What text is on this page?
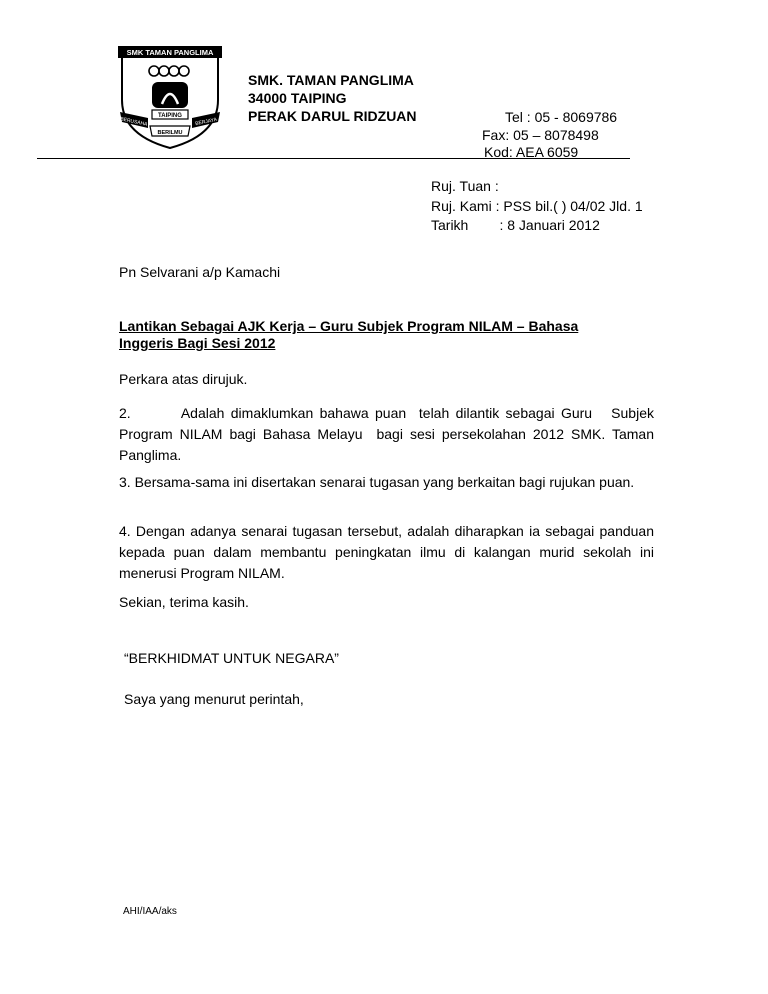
SMK TAMAN PANGLIMA
TAIPING
BERUSAHA	BERJAYA
BERILMU
SMK. TAMAN PANGLIMA
34000 TAIPING
PERAK DARUL RIDZUAN	Tel : 05 - 8069786
Fax: 05 – 8078498
Kod: AEA 6059
Ruj. Tuan :
Ruj. Kami : PSS bil.( ) 04/02 Jld. 1
Tarikh        : 8 Januari 2012
Pn Selvarani a/p Kamachi
Lantikan Sebagai AJK Kerja – Guru Subjek Program NILAM – Bahasa
Inggeris Bagi Sesi 2012
Perkara atas dirujuk.
2.        Adalah dimaklumkan bahawa puan  telah dilantik sebagai Guru   Subjek Program NILAM bagi Bahasa Melayu  bagi sesi persekolahan 2012 SMK. Taman Panglima.
3. Bersama-sama ini disertakan senarai tugasan yang berkaitan bagi rujukan puan.
4. Dengan adanya senarai tugasan tersebut, adalah diharapkan ia sebagai panduan kepada puan dalam membantu peningkatan ilmu di kalangan murid sekolah ini menerusi Program NILAM.
Sekian, terima kasih.
“BERKHIDMAT UNTUK NEGARA”
Saya yang menurut perintah,
AHI/IAA/aks
